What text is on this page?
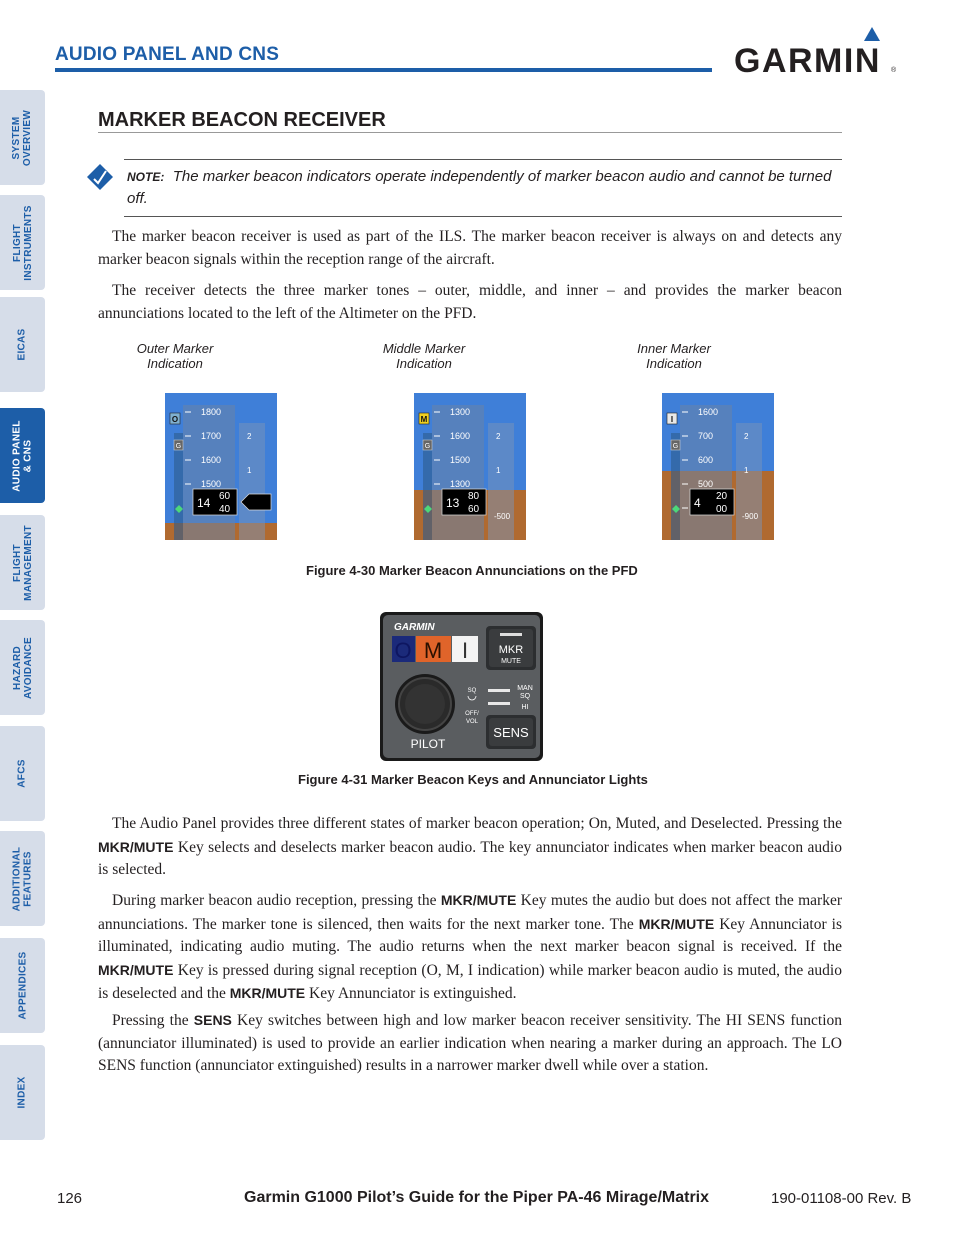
SYSTEM
OVERVIEW
FLIGHT
INSTRUMENTS
EICAS
AUDIO PANEL
& CNS
FLIGHT
MANAGEMENT
HAZARD
AVOIDANCE
AFCS
ADDITIONAL
FEATURES
APPENDICES
INDEX
AUDIO PANEL AND CNS	GARMIN ®
MARKER BEACON RECEIVER
NOTE: The marker beacon indicators operate independently of marker beacon audio and cannot be turned off.

The marker beacon receiver is used as part of the ILS. The marker beacon receiver is always on and detects any marker beacon signals within the reception range of the aircraft.

The receiver detects the three marker tones – outer, middle, and inner – and provides the marker beacon annunciations located to the left of the Altimeter on the PFD.

Outer Marker
Indication
O
G
1800
1700
1600
1500
14 60
40
2
1
Middle Marker
Indication
M
G
1300
1600
1500
1300
13 80
60
2
1
-500
Inner Marker
Indication
I
G
1600
700
600
500
4 20
00
2
1
-900
Figure 4-30 Marker Beacon Annunciations on the PFD
GARMIN
O M I	MKR
MUTE
SQ
OFF/
VOL
MAN
SQ
HI
SENS
PILOT
Figure 4-31 Marker Beacon Keys and Annunciator Lights

The Audio Panel provides three different states of marker beacon operation; On, Muted, and Deselected. Pressing the MKR/MUTE Key selects and deselects marker beacon audio. The key annunciator indicates when marker beacon audio is selected.

During marker beacon audio reception, pressing the MKR/MUTE Key mutes the audio but does not affect the marker annunciations. The marker tone is silenced, then waits for the next marker tone. The MKR/MUTE Key Annunciator is illuminated, indicating audio muting. The audio returns when the next marker beacon signal is received. If the MKR/MUTE Key is pressed during signal reception (O, M, I indication) while marker beacon audio is muted, the audio is deselected and the MKR/MUTE Key Annunciator is extinguished.

Pressing the SENS Key switches between high and low marker beacon receiver sensitivity. The HI SENS function (annunciator illuminated) is used to provide an earlier indication when nearing a marker during an approach. The LO SENS function (annunciator extinguished) results in a narrower marker dwell while over a station.

126	Garmin G1000 Pilot’s Guide for the Piper PA-46 Mirage/Matrix	190-01108-00 Rev. B
